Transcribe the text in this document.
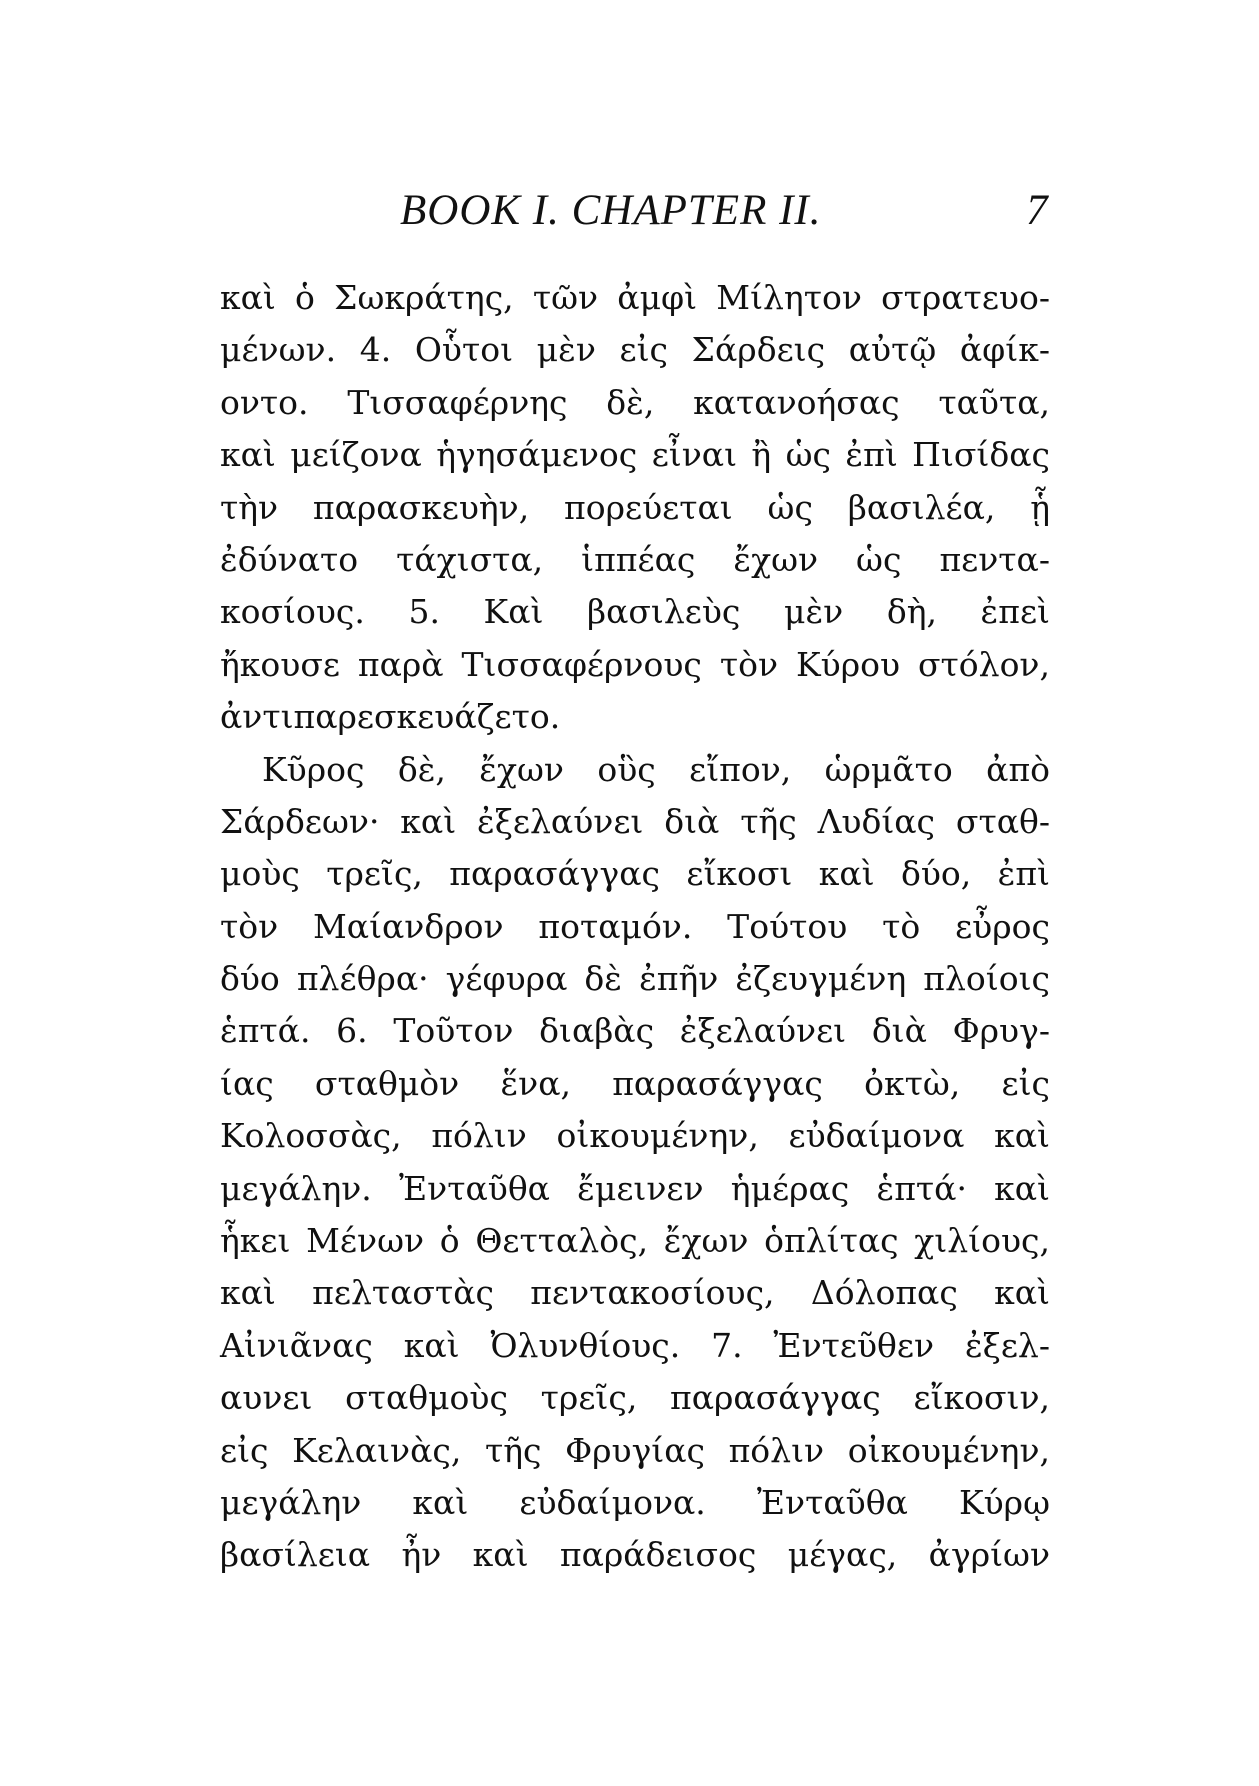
BOOK I. CHAPTER II.	7
καὶ ὁ Σωκράτης, τῶν ἀμφὶ Μίλητον στρατευο-
μένων. 4. Οὗτοι μὲν εἰς Σάρδεις αὐτῷ ἀφίκ-
οντο. Τισσαφέρνης δὲ, κατανοήσας ταῦτα,
καὶ μείζονα ἡγησάμενος εἶναι ἢ ὡς ἐπὶ Πισίδας
τὴν παρασκευὴν, πορεύεται ὡς βασιλέα, ᾗ
ἐδύνατο τάχιστα, ἱππέας ἔχων ὡς πεντα-
κοσίους. 5. Καὶ βασιλεὺς μὲν δὴ, ἐπεὶ
ἤκουσε παρὰ Τισσαφέρνους τὸν Κύρου στόλον,
ἀντιπαρεσκευάζετο.
Κῦρος δὲ, ἔχων οὓς εἴπον, ὡρμᾶτο ἀπὸ
Σάρδεων· καὶ ἐξελαύνει διὰ τῆς Λυδίας σταθ-
μοὺς τρεῖς, παρασάγγας εἴκοσι καὶ δύο, ἐπὶ
τὸν Μαίανδρον ποταμόν. Τούτου τὸ εὖρος
δύο πλέθρα· γέφυρα δὲ ἐπῆν ἐζευγμένη πλοίοις
ἑπτά. 6. Τοῦτον διαβὰς ἐξελαύνει διὰ Φρυγ-
ίας σταθμὸν ἕνα, παρασάγγας ὀκτὼ, εἰς
Κολοσσὰς, πόλιν οἰκουμένην, εὐδαίμονα καὶ
μεγάλην. Ἐνταῦθα ἔμεινεν ἡμέρας ἑπτά· καὶ
ἧκει Μένων ὁ Θετταλὸς, ἔχων ὁπλίτας χιλίους,
καὶ πελταστὰς πεντακοσίους, Δόλοπας καὶ
Αἰνιᾶνας καὶ Ὀλυνθίους. 7. Ἐντεῦθεν ἐξελ-
αυνει σταθμοὺς τρεῖς, παρασάγγας εἴκοσιν,
εἰς Κελαινὰς, τῆς Φρυγίας πόλιν οἰκουμένην,
μεγάλην καὶ εὐδαίμονα. Ἐνταῦθα Κύρῳ
βασίλεια ἦν καὶ παράδεισος μέγας, ἀγρίων
